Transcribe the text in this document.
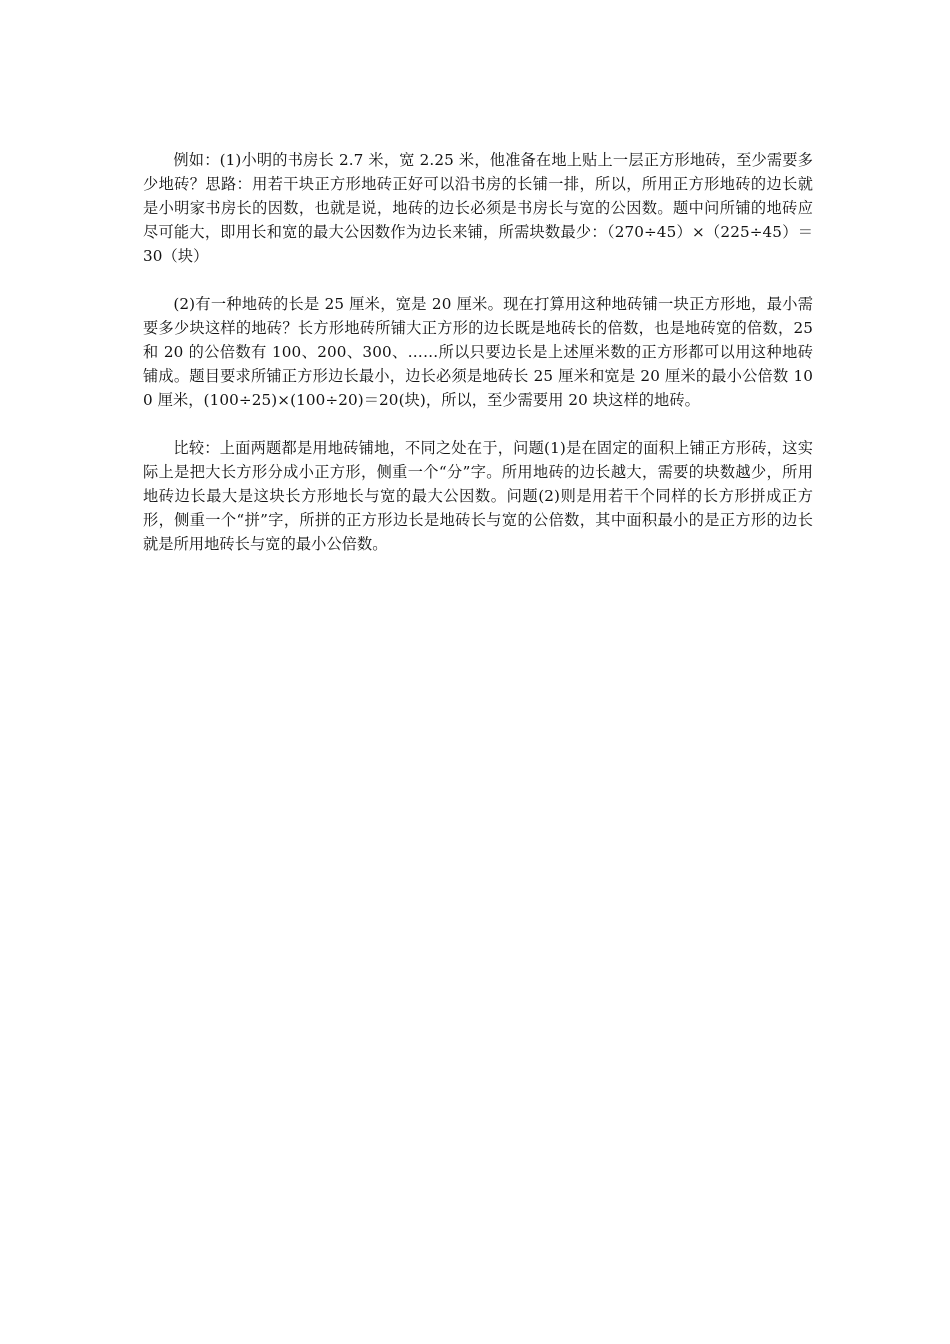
例如：(1)小明的书房长 2.7 米，宽 2.25 米，他准备在地上贴上一层正方形地砖，至少需要多少地砖？思路：用若干块正方形地砖正好可以沿书房的长铺一排，所以，所用正方形地砖的边长就是小明家书房长的因数，也就是说，地砖的边长必须是书房长与宽的公因数。题中问所铺的地砖应尽可能大，即用长和宽的最大公因数作为边长来铺，所需块数最少：（270÷45）×（225÷45）＝30（块）

(2)有一种地砖的长是 25 厘米，宽是 20 厘米。现在打算用这种地砖铺一块正方形地，最小需要多少块这样的地砖？长方形地砖所铺大正方形的边长既是地砖长的倍数，也是地砖宽的倍数，25 和 20 的公倍数有 100、200、300、……所以只要边长是上述厘米数的正方形都可以用这种地砖铺成。题目要求所铺正方形边长最小，边长必须是地砖长 25 厘米和宽是 20 厘米的最小公倍数 100 厘米，(100÷25)×(100÷20)＝20(块)，所以，至少需要用 20 块这样的地砖。

比较：上面两题都是用地砖铺地，不同之处在于，问题(1)是在固定的面积上铺正方形砖，这实际上是把大长方形分成小正方形，侧重一个“分”字。所用地砖的边长越大，需要的块数越少，所用地砖边长最大是这块长方形地长与宽的最大公因数。问题(2)则是用若干个同样的长方形拼成正方形，侧重一个“拼”字，所拼的正方形边长是地砖长与宽的公倍数，其中面积最小的是正方形的边长就是所用地砖长与宽的最小公倍数。
